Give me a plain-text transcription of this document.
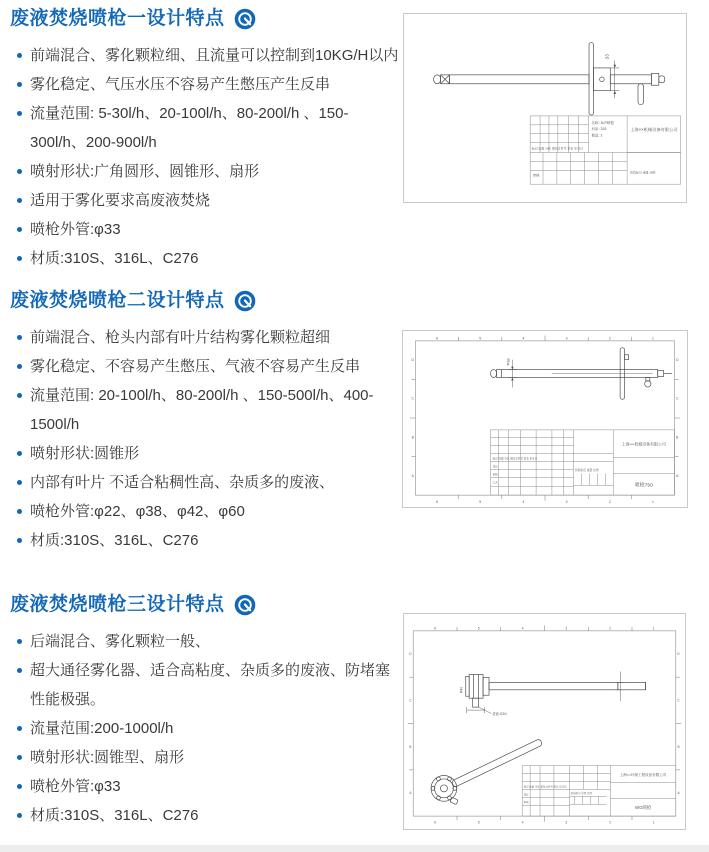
废液焚烧喷枪一设计特点
前端混合、雾化颗粒细、且流量可以控制到10KG/H以内
雾化稳定、气压水压不容易产生憋压产生反串
流量范围: 5-30l/h、20-100l/h、80-200l/h 、150-300l/h、200-900l/h
喷射形状:广角圆形、圆锥形、扇形
适用于雾化要求高废液焚烧
喷枪外管:φ33
材质:310S、316L、C276
废液焚烧喷枪二设计特点
前端混合、枪头内部有叶片结构雾化颗粒超细
雾化稳定、不容易产生憋压、气液不容易产生反串
流量范围: 20-100l/h、80-200l/h 、150-500l/h、400-1500l/h
喷射形状:圆锥形
内部有叶片 不适合粘稠性高、杂质多的废液、
喷枪外管:φ22、φ38、φ42、φ60
材质:310S、316L、C276
废液焚烧喷枪三设计特点
后端混合、雾化颗粒一般、
超大通径雾化器、适合高粘度、杂质多的废液、防堵塞性能极强。
流量范围:200-1000l/h
喷射形状:圆锥型、扇形
喷枪外管:φ33
材质:310S、316L、C276
33
名称: 3LP喷枪
材质: 316
数量: 1
上海××机械设备有限公司
标记 处数 分区 更改文件号 签名 年月日
审核
阶段标记 重量 比例
6	5	4	3	2	1
6	5	4	3	2	1
D C B A
D C B A
Φ38
标记 处数 分区 更改文件号 签名 年月日
设计
审核
工艺
阶段标记 重量 比例
上海××机械设备有限公司
喷枪750
6	5	4	3	2	1
6	5	4	3	2	1
D C B A
D C B A
Φ40
进液-G3/4
标记 处数 分区 更改文件号 签名 年月日
设计
审核
阶段标记 重量 比例
上海××环保工程设备有限公司
WG喷枪
